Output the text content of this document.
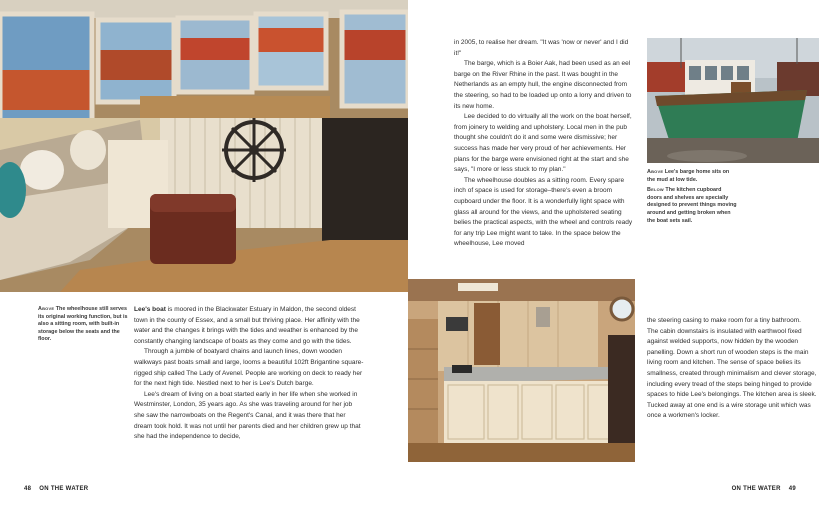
Above The wheelhouse still serves its original working function, but is also a sitting room, with built-in storage below the seats and the floor.
Above Lee's barge home sits on the mud at low tide.
Below The kitchen cupboard doors and shelves are specially designed to prevent things moving around and getting broken when the boat sets sail.

Lee's boat is moored in the Blackwater Estuary in Maldon, the second oldest town in the county of Essex, and a small but thriving place. Her affinity with the water and the changes it brings with the tides and weather is enhanced by the constantly changing landscape of boats as they come and go with the tides.

Through a jumble of boatyard chains and launch lines, down wooden walkways past boats small and large, looms a beautiful 102ft Brigantine square-rigged ship called The Lady of Avenel. People are working on deck to ready her for the next high tide. Nestled next to her is Lee's Dutch barge.

Lee's dream of living on a boat started early in her life when she worked in Westminster, London, 35 years ago. As she was traveling around for her job she saw the narrowboats on the Regent's Canal, and it was there that her dream took hold. It was not until her parents died and her children grew up that she had the independence to decide,

in 2005, to realise her dream. "It was 'now or never' and I did it!"

The barge, which is a Boier Aak, had been used as an eel barge on the River Rhine in the past. It was bought in the Netherlands as an empty hull, the engine disconnected from the steering, so had to be loaded up onto a lorry and driven to its new home.

Lee decided to do virtually all the work on the boat herself, from joinery to welding and upholstery. Local men in the pub thought she couldn't do it and some were dismissive; her success has made her very proud of her achievements. Her plans for the barge were envisioned right at the start and she says, "I more or less stuck to my plan."

The wheelhouse doubles as a sitting room. Every spare inch of space is used for storage–there's even a broom cupboard under the floor. It is a wonderfully light space with glass all around for the views, and the upholstered seating belies the practical aspects, with the wheel and controls ready for any trip Lee might want to take. In the space below the wheelhouse, Lee moved

the steering casing to make room for a tiny bathroom.

The cabin downstairs is insulated with earthwool fixed against welded supports, now hidden by the wooden panelling. Down a short run of wooden steps is the main living room and kitchen. The sense of space belies its smallness, created through minimalism and clever storage, including every tread of the steps being hinged to provide spaces to hide Lee's belongings. The kitchen area is sleek. Tucked away at one end is a wire storage unit which was once a workmen's locker.

48 ON THE WATER	ON THE WATER 49
